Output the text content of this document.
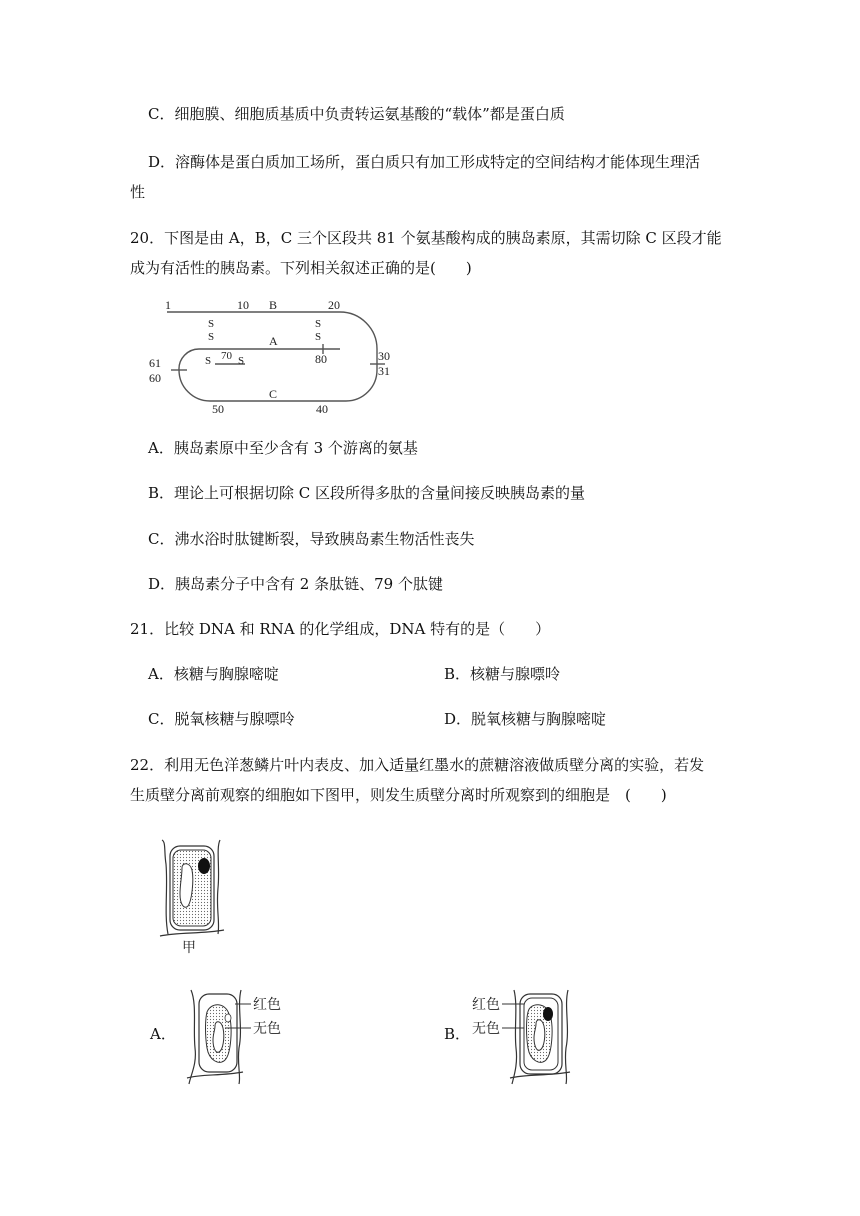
C．细胞膜、细胞质基质中负责转运氨基酸的“载体”都是蛋白质
D．溶酶体是蛋白质加工场所，蛋白质只有加工形成特定的空间结构才能体现生理活
性
20．下图是由 A，B，C 三个区段共 81 个氨基酸构成的胰岛素原，其需切除 C 区段才能
成为有活性的胰岛素。下列相关叙述正确的是(　　)
1	10 B	20
S
S
S
S
A
S 70 S	80	30
31
61
60
C
50	40
A．胰岛素原中至少含有 3 个游离的氨基
B．理论上可根据切除 C 区段所得多肽的含量间接反映胰岛素的量
C．沸水浴时肽键断裂，导致胰岛素生物活性丧失
D．胰岛素分子中含有 2 条肽链、79 个肽键
21．比较 DNA 和 RNA 的化学组成，DNA 特有的是（　　）
A．核糖与胸腺嘧啶	B．核糖与腺嘌呤
C．脱氧核糖与腺嘌呤	D．脱氧核糖与胸腺嘧啶
22．利用无色洋葱鳞片叶内表皮、加入适量红墨水的蔗糖溶液做质壁分离的实验，若发
生质壁分离前观察的细胞如下图甲，则发生质壁分离时所观察到的细胞是　(　　)
甲
A．
红色
无色	B．
红色
无色
